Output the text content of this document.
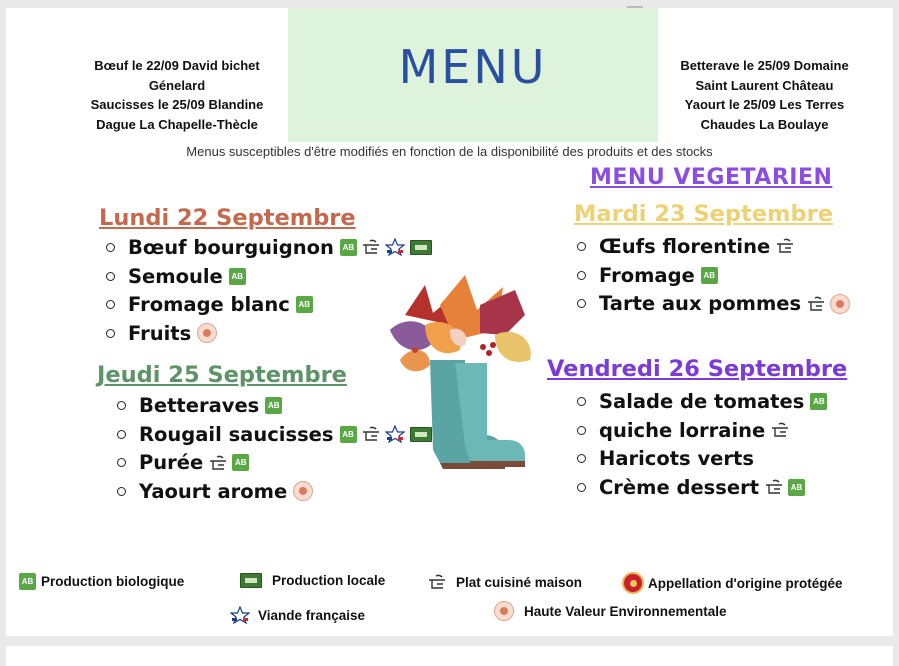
MENU
Bœuf le 22/09 David bichet
Génelard
Saucisses le 25/09 Blandine
Dague La Chapelle-Thècle
Betterave le 25/09 Domaine
Saint Laurent Château
Yaourt le 25/09 Les Terres
Chaudes La Boulaye
Menus susceptibles d'être modifiés en fonction de la disponibilité des produits et des stocks
MENU VEGETARIEN
Lundi 22 Septembre
Bœuf bourguignon AB
Semoule AB
Fromage blanc AB
Fruits
Mardi 23 Septembre
Œufs florentine
Fromage AB
Tarte aux pommes
Jeudi 25 Septembre
Betteraves AB
Rougail saucisses AB
Purée	AB
Yaourt arome
Vendredi 26 Septembre
Salade de tomates AB
quiche lorraine
Haricots verts
Crème dessert	AB
AB Production biologique	Production locale	Plat cuisiné maison	Appellation d'origine protégée
Viande française	Haute Valeur Environnementale
